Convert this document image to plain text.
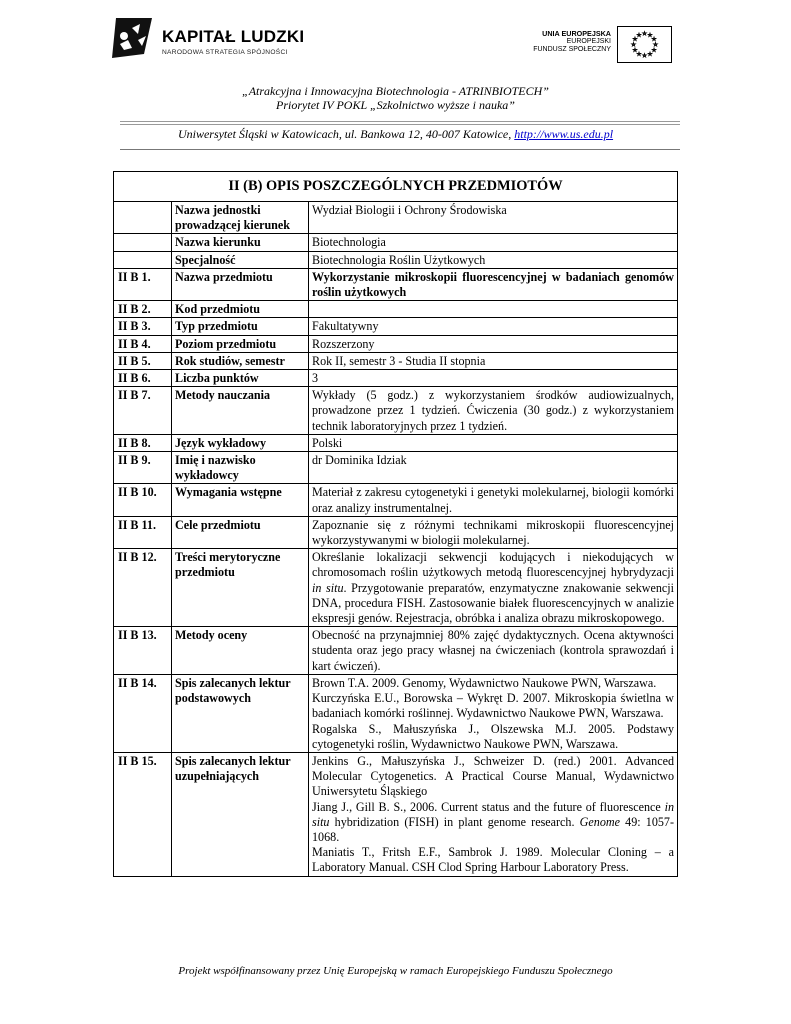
KAPITAŁ LUDZKI
NARODOWA STRATEGIA SPÓJNOŚCI
UNIA EUROPEJSKA
EUROPEJSKI
FUNDUSZ SPOŁECZNY
„Atrakcyjna i Innowacyjna Biotechnologia - ATRINBIOTECH”
Priorytet IV POKL „Szkolnictwo wyższe i nauka”
Uniwersytet Śląski w Katowicach, ul. Bankowa 12, 40-007 Katowice, http://www.us.edu.pl
II (B) OPIS POSZCZEGÓLNYCH PRZEDMIOTÓW		
	Nazwa jednostki prowadzącej kierunek	Wydział Biologii i Ochrony Środowiska
	Nazwa kierunku	Biotechnologia
	Specjalność	Biotechnologia Roślin Użytkowych
II B 1.	Nazwa przedmiotu	Wykorzystanie mikroskopii fluorescencyjnej w badaniach genomów roślin użytkowych
II B 2.	Kod przedmiotu	
II B 3.	Typ przedmiotu	Fakultatywny
II B 4.	Poziom przedmiotu	Rozszerzony
II B 5.	Rok studiów, semestr	Rok II, semestr 3 - Studia II stopnia
II B 6.	Liczba punktów	3
II B 7.	Metody nauczania	Wykłady (5 godz.) z wykorzystaniem środków audiowizualnych, prowadzone przez 1 tydzień. Ćwiczenia (30 godz.) z wykorzystaniem technik laboratoryjnych przez 1 tydzień.
II B 8.	Język wykładowy	Polski
II B 9.	Imię i nazwisko wykładowcy	dr Dominika Idziak
II B 10.	Wymagania wstępne	Materiał z zakresu cytogenetyki i genetyki molekularnej, biologii komórki oraz analizy instrumentalnej.
II B 11.	Cele przedmiotu	Zapoznanie się z różnymi technikami mikroskopii fluorescencyjnej wykorzystywanymi w biologii molekularnej.
II B 12.	Treści merytoryczne przedmiotu	Określanie lokalizacji sekwencji kodujących i niekodujących w chromosomach roślin użytkowych metodą fluorescencyjnej hybrydyzacji in situ. Przygotowanie preparatów, enzymatyczne znakowanie sekwencji DNA, procedura FISH. Zastosowanie białek fluorescencyjnych w analizie ekspresji genów. Rejestracja, obróbka i analiza obrazu mikroskopowego.
II B 13.	Metody oceny	Obecność na przynajmniej 80% zajęć dydaktycznych. Ocena aktywności studenta oraz jego pracy własnej na ćwiczeniach (kontrola sprawozdań i kart ćwiczeń).
II B 14.	Spis zalecanych lektur podstawowych	Brown T.A. 2009. Genomy, Wydawnictwo Naukowe PWN, Warszawa.

Kurczyńska E.U., Borowska – Wykręt D. 2007. Mikroskopia świetlna w badaniach komórki roślinnej. Wydawnictwo Naukowe PWN, Warszawa.

Rogalska S., Małuszyńska J., Olszewska M.J. 2005. Podstawy cytogenetyki roślin, Wydawnictwo Naukowe PWN, Warszawa.

II B 15.	Spis zalecanych lektur uzupełniających	Jenkins G., Małuszyńska J., Schweizer D. (red.) 2001. Advanced Molecular Cytogenetics. A Practical Course Manual, Wydawnictwo Uniwersytetu Śląskiego

Jiang J., Gill B. S., 2006. Current status and the future of fluorescence in situ hybridization (FISH) in plant genome research. Genome 49: 1057-1068.

Maniatis T., Fritsh E.F., Sambrok J. 1989. Molecular Cloning – a Laboratory Manual. CSH Clod Spring Harbour Laboratory Press.

Projekt współfinansowany przez Unię Europejską w ramach Europejskiego Funduszu Społecznego
